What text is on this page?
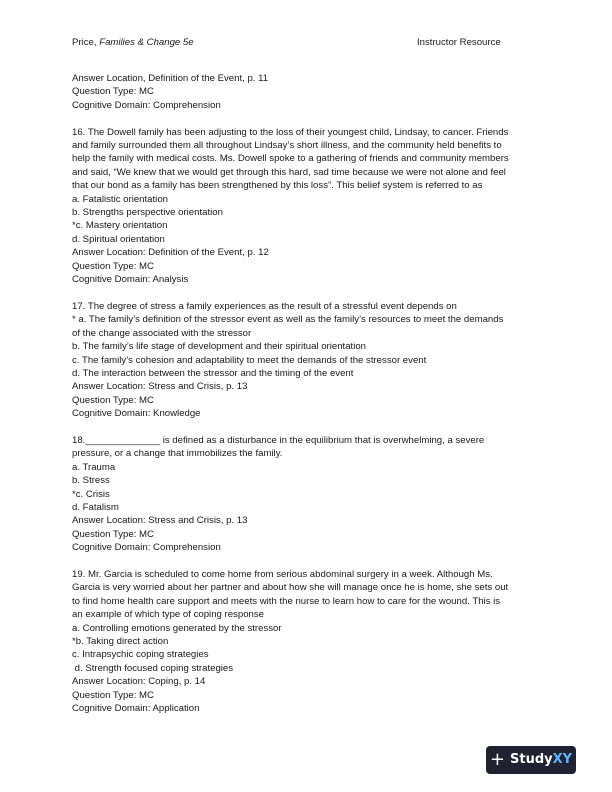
Price, Families & Change 5e	Instructor Resource
Answer Location, Definition of the Event, p. 11
Question Type: MC
Cognitive Domain: Comprehension
16. The Dowell family has been adjusting to the loss of their youngest child, Lindsay, to cancer. Friends
and family surrounded them all throughout Lindsay’s short illness, and the community held benefits to
help the family with medical costs. Ms. Dowell spoke to a gathering of friends and community members
and said, “We knew that we would get through this hard, sad time because we were not alone and feel
that our bond as a family has been strengthened by this loss”. This belief system is referred to as
a. Fatalistic orientation
b. Strengths perspective orientation
*c. Mastery orientation
d. Spiritual orientation
Answer Location: Definition of the Event, p. 12
Question Type: MC
Cognitive Domain: Analysis
17. The degree of stress a family experiences as the result of a stressful event depends on
* a. The family’s definition of the stressor event as well as the family’s resources to meet the demands
of the change associated with the stressor
b. The family’s life stage of development and their spiritual orientation
c. The family’s cohesion and adaptability to meet the demands of the stressor event
d. The interaction between the stressor and the timing of the event
Answer Location: Stress and Crisis, p. 13
Question Type: MC
Cognitive Domain: Knowledge
18.______________ is defined as a disturbance in the equilibrium that is overwhelming, a severe
pressure, or a change that immobilizes the family.
a. Trauma
b. Stress
*c. Crisis
d. Fatalism
Answer Location: Stress and Crisis, p. 13
Question Type: MC
Cognitive Domain: Comprehension
19. Mr. Garcia is scheduled to come home from serious abdominal surgery in a week. Although Ms.
Garcia is very worried about her partner and about how she will manage once he is home, she sets out
to find home health care support and meets with the nurse to learn how to care for the wound. This is
an example of which type of coping response
a. Controlling emotions generated by the stressor
*b. Taking direct action
c. Intrapsychic coping strategies
d. Strength focused coping strategies
Answer Location: Coping, p. 14
Question Type: MC
Cognitive Domain: Application
+ Study XY
